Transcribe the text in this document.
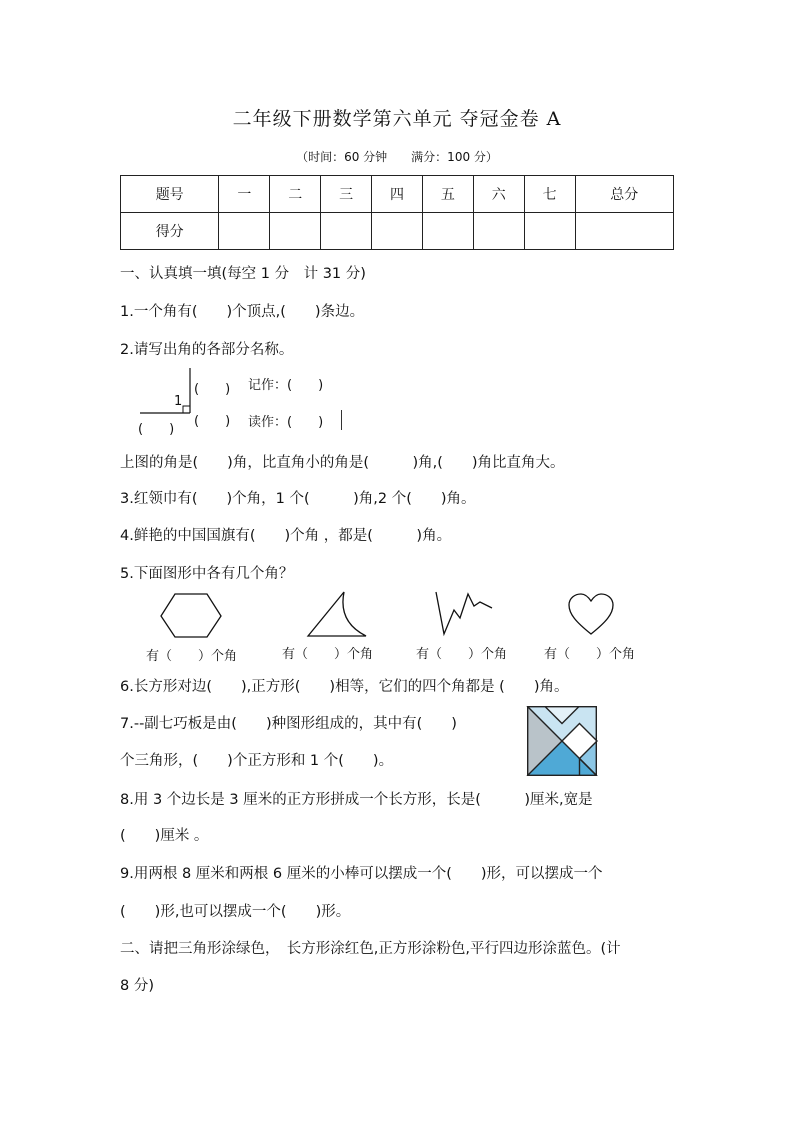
二年级下册数学第六单元 夺冠金卷 A
（时间：60 分钟　　满分：100 分）
题号	一	二	三	四	五	六	七	总分
得分								
一、认真填一填(每空 1 分　计 31 分)
1.一个角有(　　)个顶点,(　　)条边。
2.请写出角的各部分名称。
1
(　　)
(　　)
(　　)
记作：(　　)
读作：(　　)
上图的角是(　　)角，比直角小的角是(　　　)角,(　　)角比直角大。
3.红领巾有(　　)个角，1 个(　　　)角,2 个(　　)角。
4.鲜艳的中国国旗有(　　)个角 ，都是(　　　)角。
5.下面图形中各有几个角？
有（　　）个角	有（　　）个角	有（　　）个角	有（　　）个角
6.长方形对边(　　),正方形(　　)相等，它们的四个角都是 (　　)角。
7.--副七巧板是由(　　)种图形组成的，其中有(　　)
个三角形，(　　)个正方形和 1 个(　　)。
8.用 3 个边长是 3 厘米的正方形拼成一个长方形，长是(　　　)厘米,宽是
(　　)厘米 。
9.用两根 8 厘米和两根 6 厘米的小棒可以摆成一个(　　)形，可以摆成一个
(　　)形,也可以摆成一个(　　)形。
二、请把三角形涂绿色，　长方形涂红色,正方形涂粉色,平行四边形涂蓝色。(计
8 分)
